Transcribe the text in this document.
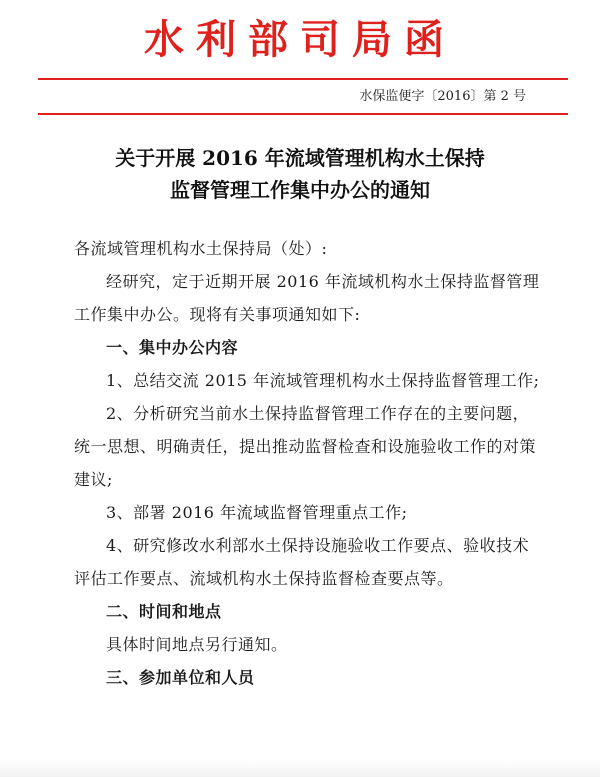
水利部司局函
水保监便字〔2016〕第 2 号
关于开展 2016 年流域管理机构水土保持
监督管理工作集中办公的通知

各流域管理机构水土保持局（处）:

经研究，定于近期开展 2016 年流域机构水土保持监督管理工作集中办公。现将有关事项通知如下:

一、集中办公内容

1、总结交流 2015 年流域管理机构水土保持监督管理工作;

2、分析研究当前水土保持监督管理工作存在的主要问题，统一思想、明确责任，提出推动监督检查和设施验收工作的对策建议;

3、部署 2016 年流域监督管理重点工作;

4、研究修改水利部水土保持设施验收工作要点、验收技术评估工作要点、流域机构水土保持监督检查要点等。

二、时间和地点

具体时间地点另行通知。

三、参加单位和人员
